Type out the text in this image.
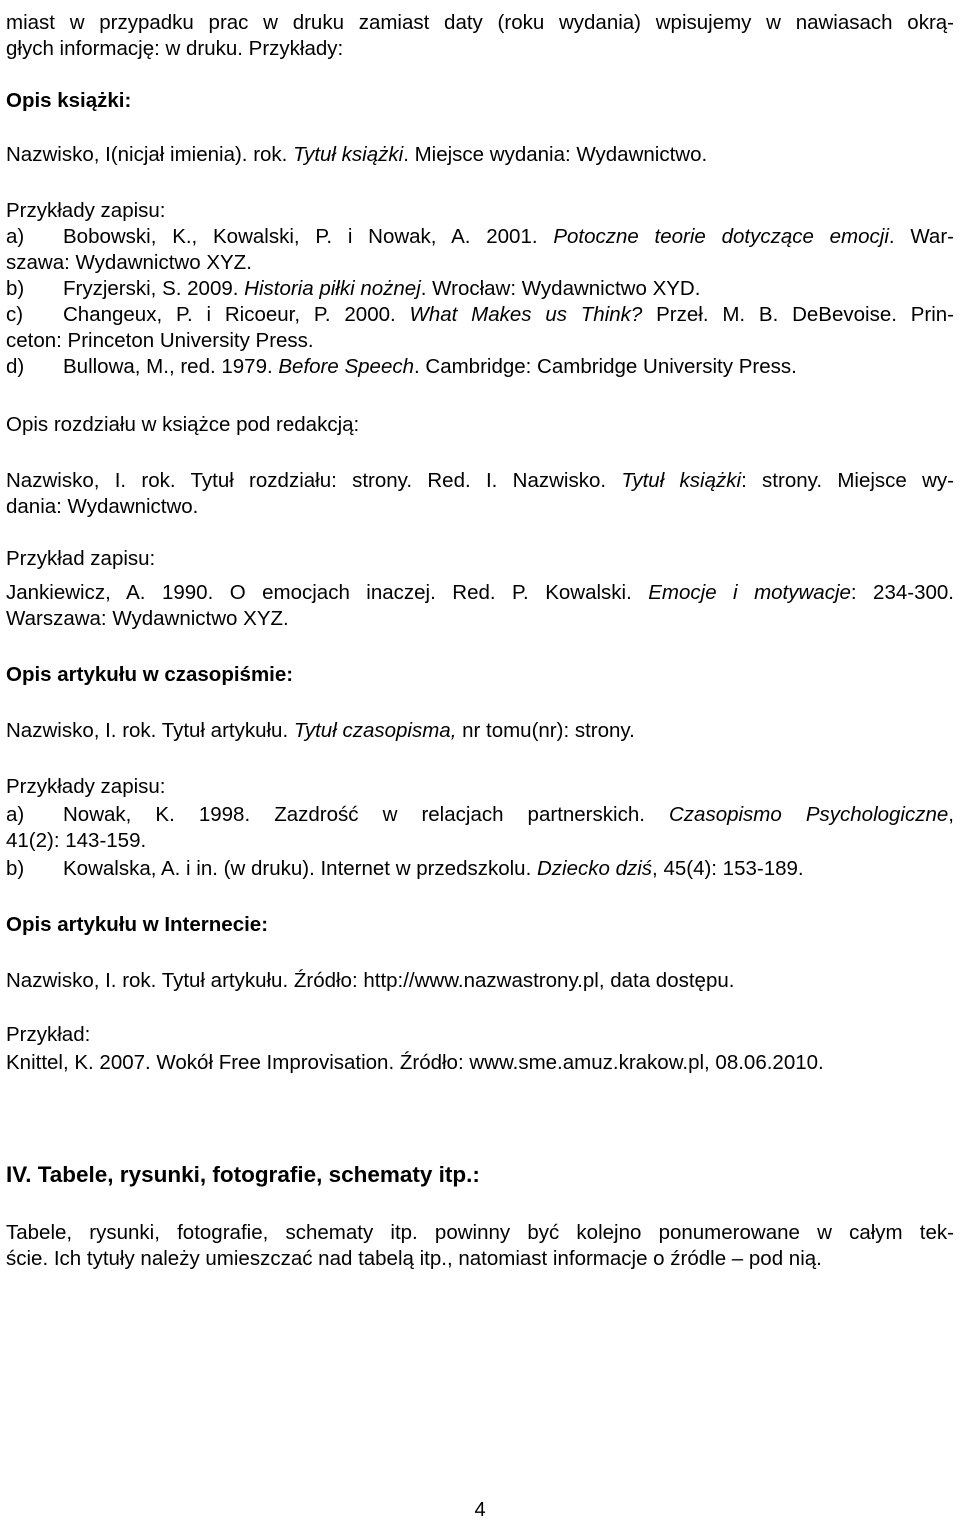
miast w przypadku prac w druku zamiast daty (roku wydania) wpisujemy w nawiasach okrą-
głych informację: w druku. Przykłady:

Opis książki:

Nazwisko, I(nicjał imienia). rok. Tytuł książki. Miejsce wydania: Wydawnictwo.

Przykłady zapisu:

a)	Bobowski, K., Kowalski, P. i Nowak, A. 2001. Potoczne teorie dotyczące emocji. War-

szawa: Wydawnictwo XYZ.

b)	Fryzjerski, S. 2009. Historia piłki nożnej. Wrocław: Wydawnictwo XYD.

c)	Changeux, P. i Ricoeur, P. 2000. What Makes us Think? Przeł. M. B. DeBevoise. Prin-

ceton: Princeton University Press.

d)	Bullowa, M., red. 1979. Before Speech. Cambridge: Cambridge University Press.

Opis rozdziału w książce pod redakcją:

Nazwisko, I. rok. Tytuł rozdziału: strony. Red. I. Nazwisko. Tytuł książki: strony. Miejsce wy-
dania: Wydawnictwo.

Przykład zapisu:

Jankiewicz, A. 1990. O emocjach inaczej. Red. P. Kowalski. Emocje i motywacje: 234-300.
Warszawa: Wydawnictwo XYZ.

Opis artykułu w czasopiśmie:

Nazwisko, I. rok. Tytuł artykułu. Tytuł czasopisma, nr tomu(nr): strony.

Przykłady zapisu:

a)	Nowak, K. 1998. Zazdrość w relacjach partnerskich. Czasopismo Psychologiczne,

41(2): 143-159.

b)	Kowalska, A. i in. (w druku). Internet w przedszkolu. Dziecko dziś, 45(4): 153-189.

Opis artykułu w Internecie:

Nazwisko, I. rok. Tytuł artykułu. Źródło: http://www.nazwastrony.pl, data dostępu.

Przykład:

Knittel, K. 2007. Wokół Free Improvisation. Źródło: www.sme.amuz.krakow.pl, 08.06.2010.

IV. Tabele, rysunki, fotografie, schematy itp.:

Tabele, rysunki, fotografie, schematy itp. powinny być kolejno ponumerowane w całym tek-
ście. Ich tytuły należy umieszczać nad tabelą itp., natomiast informacje o źródle – pod nią.

4
